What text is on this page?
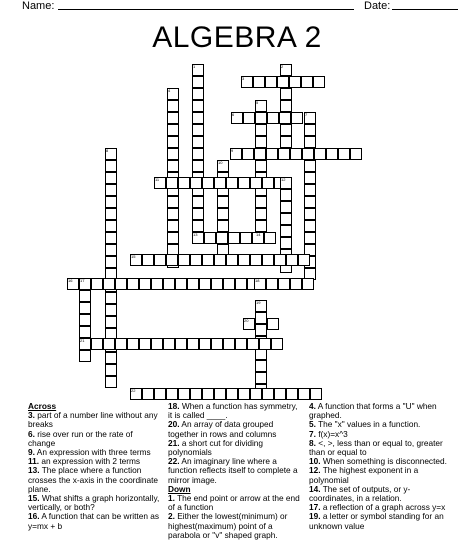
Name:	Date:
ALGEBRA 2
1	2
3
4
5
6	7
8	9
10
11	12
13	14
15
16 17	18
19
20
21
22

Across

3. part of a number line without any breaks

6. rise over run or the rate of change

9. An expression with three terms

11. an expression with 2 terms

13. The place where a function crosses the x-axis in the coordinate plane.

15. What shifts a graph horizontally, vertically, or both?

16. A function that can be written as y=mx + b

18. When a function has symmetry, it is called ____.

20. An array of data grouped together in rows and columns

21. a short cut for dividing polynomials

22. An imaginary line where a function reflects itself to complete a mirror image.

Down

1. The end point or arrow at the end of a function

2. Either the lowest(minimum) or highest(maximum) point of a parabola or "v" shaped graph.

4. A function that forms a "U" when graphed.

5. The "x" values in a function.

7. f(x)=x^3

8. <, >, less than or equal to, greater than or equal to

10. When something is disconnected.

12. The highest exponent in a polynomial

14. The set of outputs, or y-coordinates, in a relation.

17. a reflection of a graph across y=x

19. a letter or symbol standing for an unknown value
